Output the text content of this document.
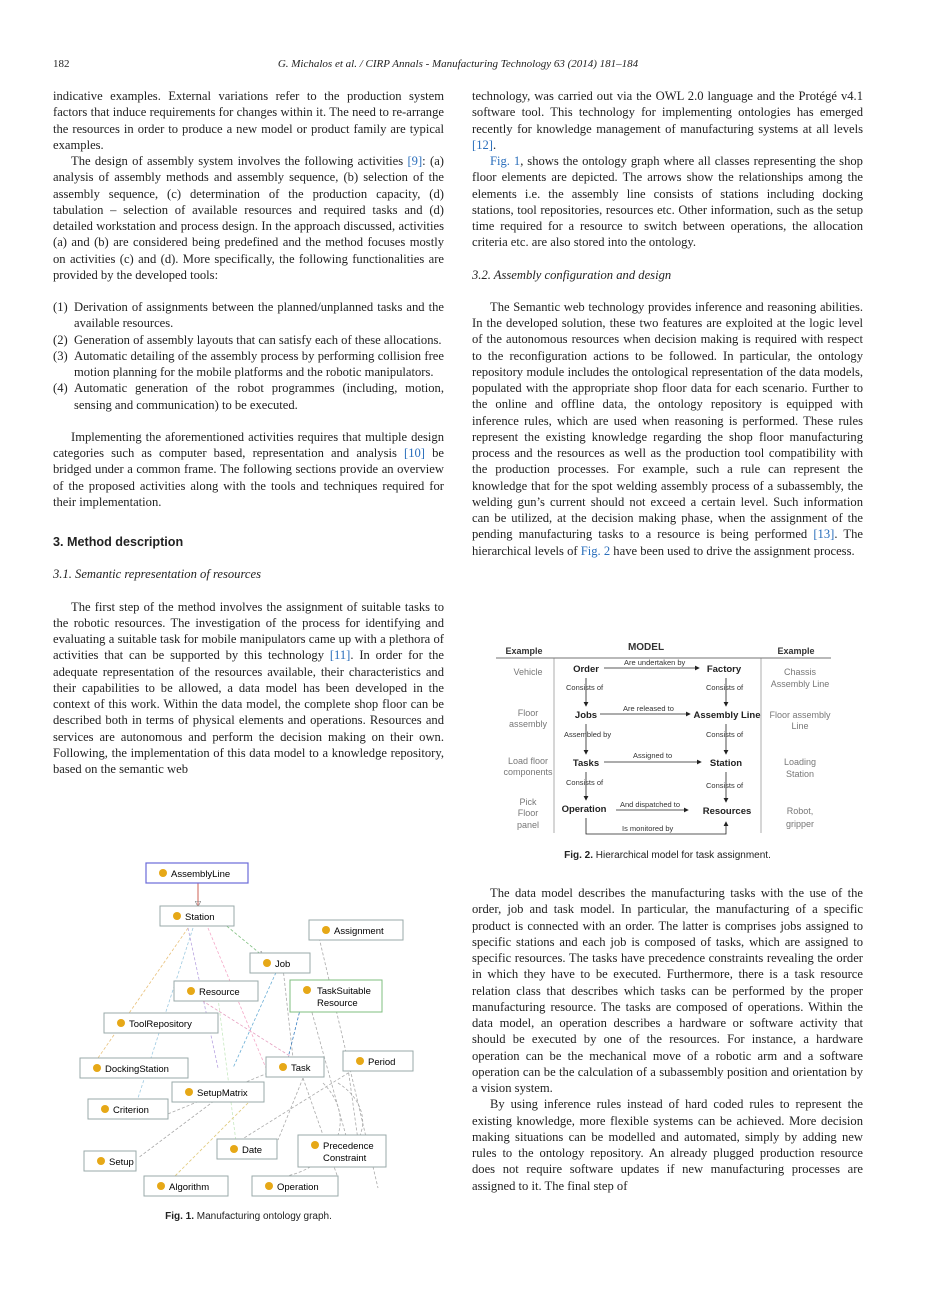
182	G. Michalos et al. / CIRP Annals - Manufacturing Technology 63 (2014) 181–184

indicative examples. External variations refer to the production system factors that induce requirements for changes within it. The need to re-arrange the resources in order to produce a new model or product family are typical examples.

The design of assembly system involves the following activities [9]: (a) analysis of assembly methods and assembly sequence, (b) selection of the assembly sequence, (c) determination of the production capacity, (d) tabulation – selection of available resources and required tasks and (d) detailed workstation and process design. In the approach discussed, activities (a) and (b) are considered being predefined and the method focuses mostly on activities (c) and (d). More specifically, the following functionalities are provided by the developed tools:

(1) Derivation of assignments between the planned/unplanned tasks and the available resources.
(2) Generation of assembly layouts that can satisfy each of these allocations.
(3) Automatic detailing of the assembly process by performing collision free motion planning for the mobile platforms and the robotic manipulators.
(4) Automatic generation of the robot programmes (including, motion, sensing and communication) to be executed.

Implementing the aforementioned activities requires that multiple design categories such as computer based, representation and analysis [10] be bridged under a common frame. The following sections provide an overview of the proposed activities along with the tools and techniques required for their implementation.

3. Method description
3.1. Semantic representation of resources

The first step of the method involves the assignment of suitable tasks to the robotic resources. The investigation of the process for identifying and evaluating a suitable task for mobile manipulators came up with a plethora of activities that can be supported by this technology [11]. In order for the adequate representation of the resources available, their characteristics and their capabilities to be allowed, a data model has been developed in the context of this work. Within the data model, the complete shop floor can be described both in terms of physical elements and operations. Resources and services are autonomous and perform the decision making on their own. Following, the implementation of this data model to a knowledge repository, based on the semantic web

AssemblyLine
Station
Assignment
Job
Resource	TaskSuitable
Resource
ToolRepository
DockingStation	Task
Period
SetupMatrix
Criterion
Date	Precedence
Constraint
Setup
Algorithm	Operation
Fig. 1. Manufacturing ontology graph.

technology, was carried out via the OWL 2.0 language and the Protégé v4.1 software tool. This technology for implementing ontologies has emerged recently for knowledge management of manufacturing systems at all levels [12].

Fig. 1, shows the ontology graph where all classes representing the shop floor elements are depicted. The arrows show the relationships among the elements i.e. the assembly line consists of stations including docking stations, tool repositories, resources etc. Other information, such as the setup time required for a resource to switch between operations, the allocation criteria etc. are also stored into the ontology.

3.2. Assembly configuration and design

The Semantic web technology provides inference and reasoning abilities. In the developed solution, these two features are exploited at the logic level of the autonomous resources when decision making is required with respect to the reconfiguration actions to be followed. In particular, the ontology repository module includes the ontological representation of the data models, populated with the appropriate shop floor data for each scenario. Further to the online and offline data, the ontology repository is equipped with inference rules, which are used when reasoning is performed. These rules represent the existing knowledge regarding the shop floor manufacturing process and the resources as well as the production tool compatibility with the production processes. For example, such a rule can represent the knowledge that for the spot welding assembly process of a subassembly, the welding gun’s current should not exceed a certain level. Such information can be utilized, at the decision making phase, when the assignment of the pending manufacturing tasks to a resource is being performed [13]. The hierarchical levels of Fig. 2 have been used to drive the assignment process.

Example	MODEL	Example
Vehicle
Floor
assembly
Load floor
components
Pick
Floor
panel
Chassis
Assembly Line
Floor assembly
Line
Loading
Station
Robot,
gripper
Order
Jobs
Tasks
Operation
Factory
Assembly Line
Station
Resources
Are undertaken by
Are released to
Assigned to
And dispatched to
Is monitored by
Consists of
Assembled by
Consists of
Consists of
Consists of
Consists of
Fig. 2. Hierarchical model for task assignment.

The data model describes the manufacturing tasks with the use of the order, job and task model. In particular, the manufacturing of a specific product is connected with an order. The latter is comprises jobs assigned to specific stations and each job is composed of tasks, which are assigned to specific resources. The tasks have precedence constraints revealing the order in which they have to be executed. Furthermore, there is a task resource relation class that describes which tasks can be performed by the proper manufacturing resource. The tasks are composed of operations. Within the data model, an operation describes a hardware or software activity that should be executed by one of the resources. For instance, a hardware operation can be the mechanical move of a robotic arm and a software operation can be the calculation of a subassembly position and orientation by a vision system.

By using inference rules instead of hard coded rules to represent the existing knowledge, more flexible systems can be achieved. More decision making situations can be modelled and automated, simply by adding new rules to the ontology repository. An already plugged production resource does not require software updates if new manufacturing processes are assigned to it. The final step of
